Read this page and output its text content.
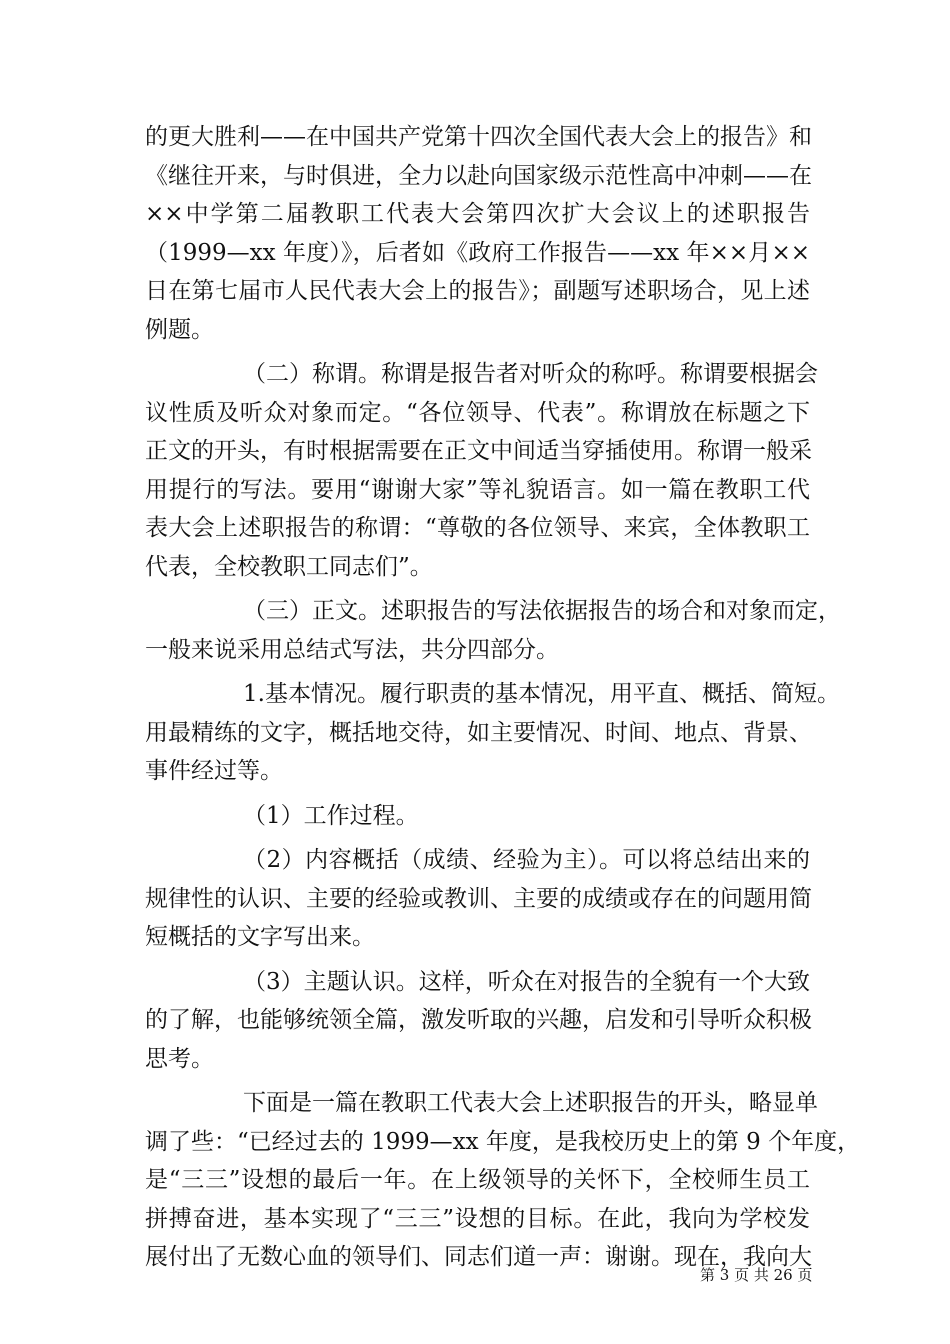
的更大胜利——在中国共产党第十四次全国代表大会上的报告》和
《继往开来，与时俱进，全力以赴向国家级示范性高中冲刺——在
××中学第二届教职工代表大会第四次扩大会议上的述职报告
（1999—xx 年度）》，后者如《政府工作报告——xx 年××月××
日在第七届市人民代表大会上的报告》；副题写述职场合，见上述
例题。
（二）称谓。称谓是报告者对听众的称呼。称谓要根据会
议性质及听众对象而定。“各位领导、代表”。称谓放在标题之下
正文的开头，有时根据需要在正文中间适当穿插使用。称谓一般采
用提行的写法。要用“谢谢大家”等礼貌语言。如一篇在教职工代
表大会上述职报告的称谓：“尊敬的各位领导、来宾，全体教职工
代表，全校教职工同志们”。
（三）正文。述职报告的写法依据报告的场合和对象而定，
一般来说采用总结式写法，共分四部分。
1.基本情况。履行职责的基本情况，用平直、概括、简短。
用最精练的文字，概括地交待，如主要情况、时间、地点、背景、
事件经过等。
（1）工作过程。
（2）内容概括（成绩、经验为主）。可以将总结出来的
规律性的认识、主要的经验或教训、主要的成绩或存在的问题用简
短概括的文字写出来。
（3）主题认识。这样，听众在对报告的全貌有一个大致
的了解，也能够统领全篇，激发听取的兴趣，启发和引导听众积极
思考。
下面是一篇在教职工代表大会上述职报告的开头，略显单
调了些：“已经过去的 1999—xx 年度，是我校历史上的第 9 个年度，
是“三三”设想的最后一年。在上级领导的关怀下，全校师生员工
拼搏奋进，基本实现了“三三”设想的目标。在此，我向为学校发
展付出了无数心血的领导们、同志们道一声：谢谢。现在，我向大
第 3 页 共 26 页
